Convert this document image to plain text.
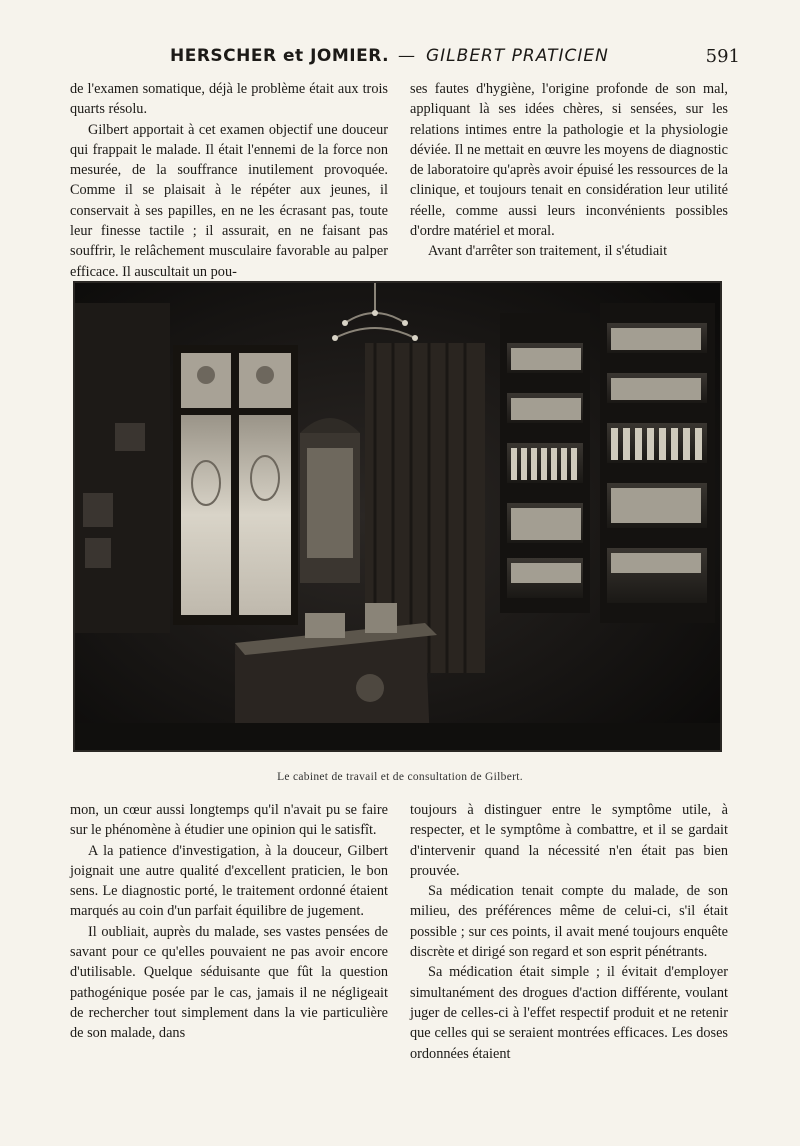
HERSCHER et JOMIER. — GILBERT PRATICIEN	591

de l'examen somatique, déjà le problème était aux trois quarts résolu.

Gilbert apportait à cet examen objectif une douceur qui frappait le malade. Il était l'ennemi de la force non mesurée, de la souffrance inutilement provoquée. Comme il se plaisait à le répéter aux jeunes, il conservait à ses papilles, en ne les écrasant pas, toute leur finesse tactile ; il assurait, en ne faisant pas souffrir, le relâchement musculaire favorable au palper efficace. Il auscultait un pou-

ses fautes d'hygiène, l'origine profonde de son mal, appliquant là ses idées chères, si sensées, sur les relations intimes entre la pathologie et la physiologie déviée. Il ne mettait en œuvre les moyens de diagnostic de laboratoire qu'après avoir épuisé les ressources de la clinique, et toujours tenait en considération leur utilité réelle, comme aussi leurs inconvénients possibles d'ordre matériel et moral.

Avant d'arrêter son traitement, il s'étudiait

Le cabinet de travail et de consultation de Gilbert.

mon, un cœur aussi longtemps qu'il n'avait pu se faire sur le phénomène à étudier une opinion qui le satisfît.

A la patience d'investigation, à la douceur, Gilbert joignait une autre qualité d'excellent praticien, le bon sens. Le diagnostic porté, le traitement ordonné étaient marqués au coin d'un parfait équilibre de jugement.

Il oubliait, auprès du malade, ses vastes pensées de savant pour ce qu'elles pouvaient ne pas avoir encore d'utilisable. Quelque séduisante que fût la question pathogénique posée par le cas, jamais il ne négligeait de rechercher tout simplement dans la vie particulière de son malade, dans

toujours à distinguer entre le symptôme utile, à respecter, et le symptôme à combattre, et il se gardait d'intervenir quand la nécessité n'en était pas bien prouvée.

Sa médication tenait compte du malade, de son milieu, des préférences même de celui-ci, s'il était possible ; sur ces points, il avait mené toujours enquête discrète et dirigé son regard et son esprit pénétrants.

Sa médication était simple ; il évitait d'employer simultanément des drogues d'action différente, voulant juger de celles-ci à l'effet respectif produit et ne retenir que celles qui se seraient montrées efficaces. Les doses ordonnées étaient
